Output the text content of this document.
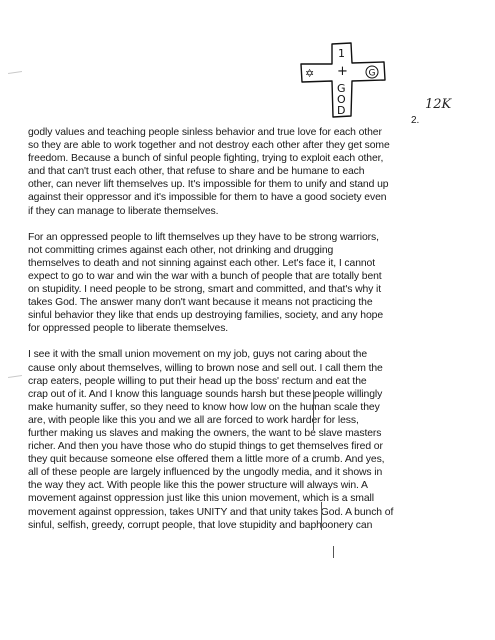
✡
1
+ G
G
O
D	12K
2.
godly values and teaching people sinless behavior and true love for each other
so they are able to work together and not destroy each other after they get some
freedom. Because a bunch of sinful people fighting, trying to exploit each other,
and that can't trust each other, that refuse to share and be humane to each
other, can never lift themselves up. It's impossible for them to unify and stand up
against their oppressor and it's impossible for them to have a good society even
if they can manage to liberate themselves.
For an oppressed people to lift themselves up they have to be strong warriors,
not committing crimes against each other, not drinking and drugging
themselves to death and not sinning against each other. Let's face it, I cannot
expect to go to war and win the war with a bunch of people that are totally bent
on stupidity. I need people to be strong, smart and committed, and that's why it
takes God. The answer many don't want because it means not practicing the
sinful behavior they like that ends up destroying families, society, and any hope
for oppressed people to liberate themselves.
I see it with the small union movement on my job, guys not caring about the
cause only about themselves, willing to brown nose and sell out. I call them the
crap eaters, people willing to put their head up the boss' rectum and eat the
crap out of it. And I know this language sounds harsh but these people willingly
make humanity suffer, so they need to know how low on the human scale they
are, with people like this you and we all are forced to work harder for less,
further making us slaves and making the owners, the want to be slave masters
richer. And then you have those who do stupid things to get themselves fired or
they quit because someone else offered them a little more of a crumb. And yes,
all of these people are largely influenced by the ungodly media, and it shows in
the way they act. With people like this the power structure will always win. A
movement against oppression just like this union movement, which is a small
movement against oppression, takes UNITY and that unity takes God. A bunch of
sinful, selfish, greedy, corrupt people, that love stupidity and baphoonery can
